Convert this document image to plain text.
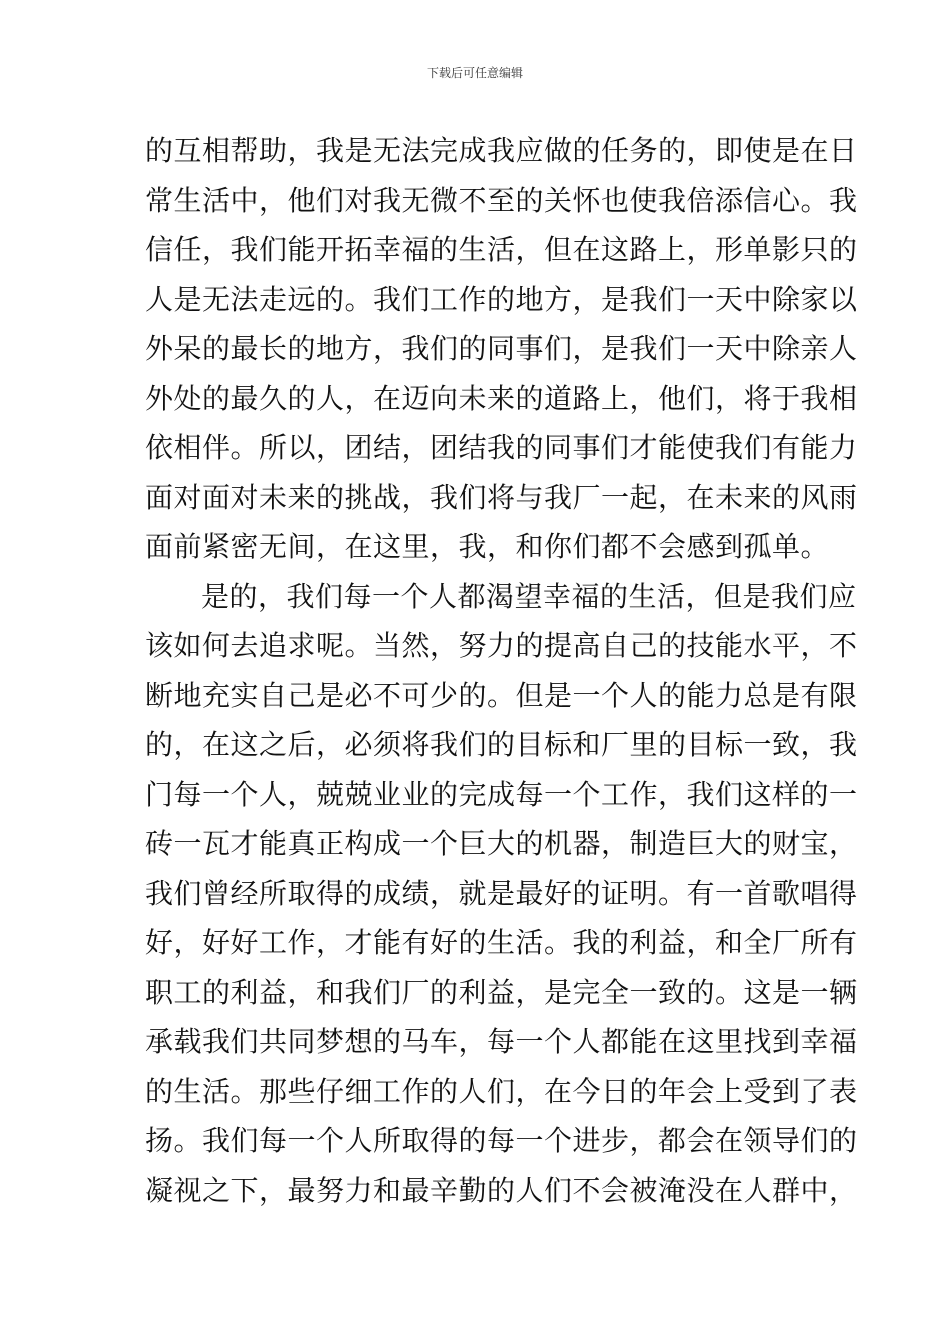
下载后可任意编辑
的互相帮助，我是无法完成我应做的任务的，即使是在日
常生活中，他们对我无微不至的关怀也使我倍添信心。我
信任，我们能开拓幸福的生活，但在这路上，形单影只的
人是无法走远的。我们工作的地方，是我们一天中除家以
外呆的最长的地方，我们的同事们，是我们一天中除亲人
外处的最久的人，在迈向未来的道路上，他们，将于我相
依相伴。所以，团结，团结我的同事们才能使我们有能力
面对面对未来的挑战，我们将与我厂一起，在未来的风雨
面前紧密无间，在这里，我，和你们都不会感到孤单。
是的，我们每一个人都渴望幸福的生活，但是我们应
该如何去追求呢。当然，努力的提高自己的技能水平，不
断地充实自己是必不可少的。但是一个人的能力总是有限
的，在这之后，必须将我们的目标和厂里的目标一致，我
门每一个人，兢兢业业的完成每一个工作，我们这样的一
砖一瓦才能真正构成一个巨大的机器，制造巨大的财宝，
我们曾经所取得的成绩，就是最好的证明。有一首歌唱得
好，好好工作，才能有好的生活。我的利益，和全厂所有
职工的利益，和我们厂的利益，是完全一致的。这是一辆
承载我们共同梦想的马车，每一个人都能在这里找到幸福
的生活。那些仔细工作的人们，在今日的年会上受到了表
扬。我们每一个人所取得的每一个进步，都会在领导们的
凝视之下，最努力和最辛勤的人们不会被淹没在人群中，
